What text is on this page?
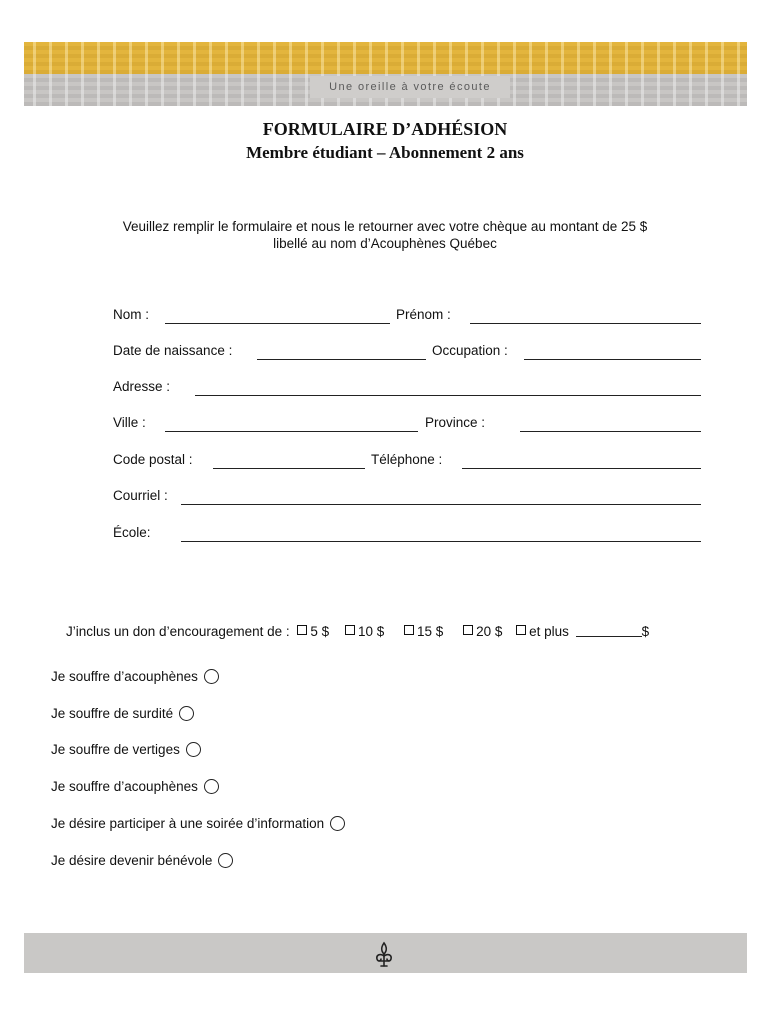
Une oreille à votre écoute
FORMULAIRE D’ADHÉSION
Membre étudiant – Abonnement 2 ans
Veuillez remplir le formulaire et nous le retourner avec votre chèque au montant de 25 $
libellé au nom d’Acouphènes Québec
Nom :	Prénom :
Date de naissance :	Occupation :
Adresse :
Ville :	Province :
Code postal :	Téléphone :
Courriel :
École:
J’inclus un don d’encouragement de : 5 $ 10 $ 15 $ 20 $ et plus	$
Je souffre d’acouphènes
Je souffre de surdité
Je souffre de vertiges
Je souffre d’acouphènes
Je désire participer à une soirée d’information
Je désire devenir bénévole
